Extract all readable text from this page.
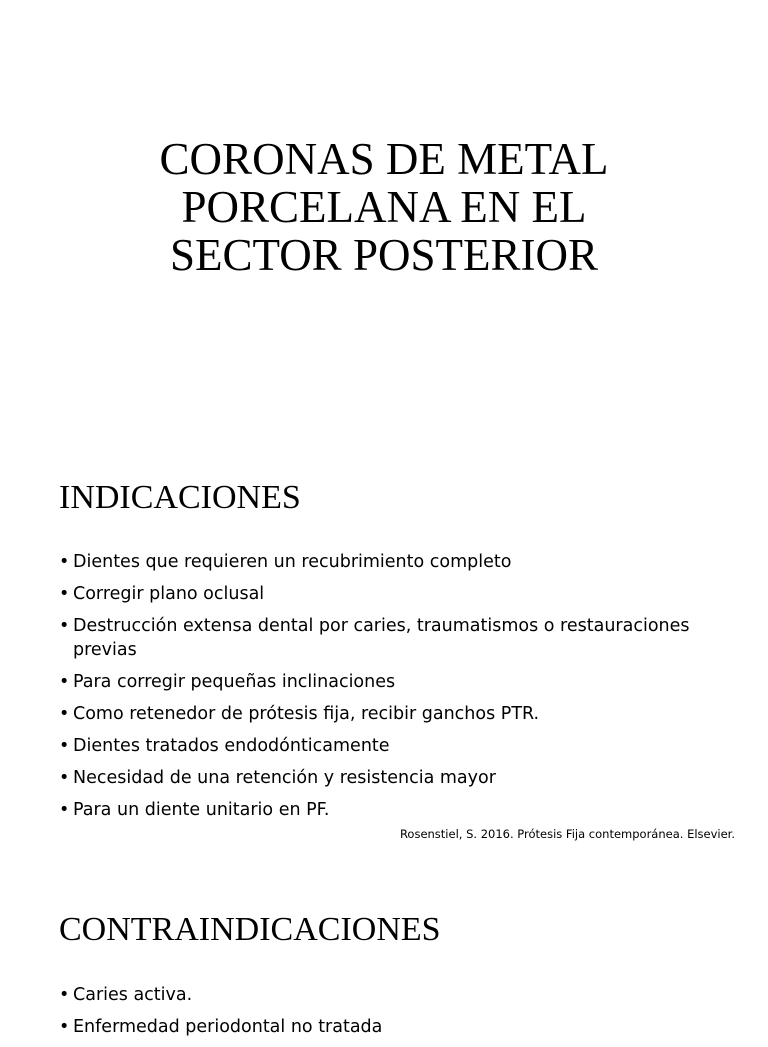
CORONAS DE METAL
PORCELANA EN EL
SECTOR POSTERIOR
INDICACIONES
• Dientes que requieren un recubrimiento completo
• Corregir plano oclusal
• Destrucción extensa dental por caries, traumatismos o restauraciones previas
• Para corregir pequeñas inclinaciones
• Como retenedor de prótesis fija, recibir ganchos PTR.
• Dientes tratados endodónticamente
• Necesidad de una retención y resistencia mayor
• Para un diente unitario en PF.

Rosenstiel, S. 2016. Prótesis Fija contemporánea. Elsevier.

CONTRAINDICACIONES
• Caries activa.
• Enfermedad periodontal no tratada
